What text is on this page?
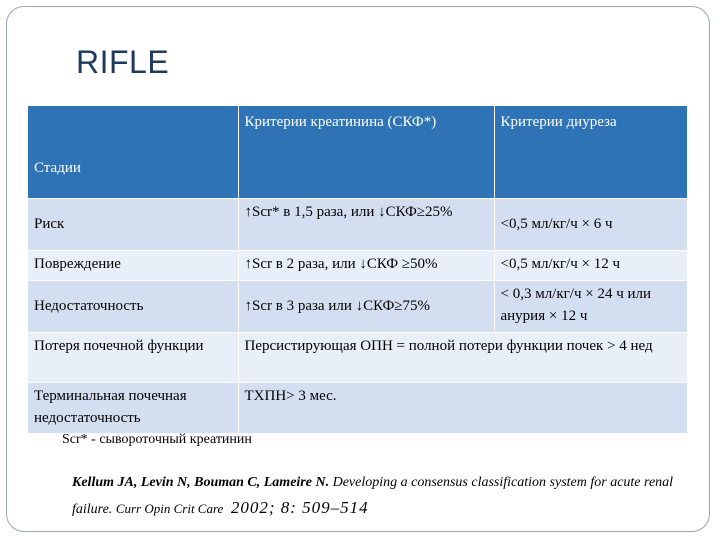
RIFLE
Стадии	Критерии креатинина (СКФ*)	Критерии диуреза
Риск	↑Scr* в 1,5 раза, или ↓СКФ≥25%	<0,5 мл/кг/ч × 6 ч
Повреждение	↑Scr в 2 раза, или ↓СКФ ≥50%	<0,5 мл/кг/ч × 12 ч
Недостаточность	↑Scr в 3 раза или ↓СКФ≥75%	< 0,3 мл/кг/ч × 24 ч или анурия × 12 ч
Потеря почечной функции	Персистирующая ОПН = полной потери функции почек > 4 нед	
Терминальная почечная недостаточность	ТХПН> 3 мес.	
Scr* - сывороточный креатинин
Kellum JA, Levin N, Bouman C, Lameire N. Developing a consensus classification system for acute renal failure. Curr Opin Crit Care 2002; 8: 509–514
